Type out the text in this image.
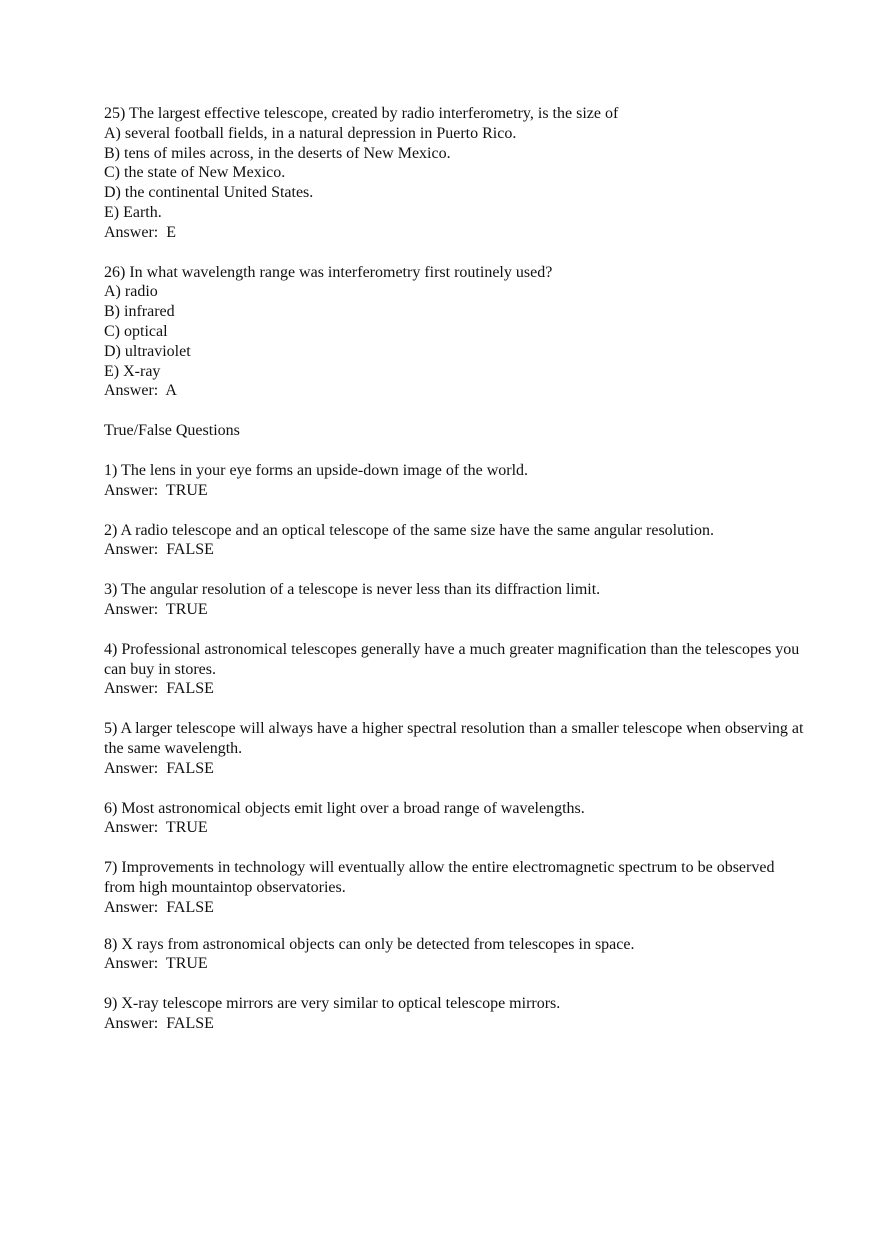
25) The largest effective telescope, created by radio interferometry, is the size of
A) several football fields, in a natural depression in Puerto Rico.
B) tens of miles across, in the deserts of New Mexico.
C) the state of New Mexico.
D) the continental United States.
E) Earth.
Answer:  E
26) In what wavelength range was interferometry first routinely used?
A) radio
B) infrared
C) optical
D) ultraviolet
E) X-ray
Answer:  A
True/False Questions
1) The lens in your eye forms an upside-down image of the world.
Answer:  TRUE
2) A radio telescope and an optical telescope of the same size have the same angular resolution.
Answer:  FALSE
3) The angular resolution of a telescope is never less than its diffraction limit.
Answer:  TRUE
4) Professional astronomical telescopes generally have a much greater magnification than the telescopes you can buy in stores.
Answer:  FALSE
5) A larger telescope will always have a higher spectral resolution than a smaller telescope when observing at the same wavelength.
Answer:  FALSE
6) Most astronomical objects emit light over a broad range of wavelengths.
Answer:  TRUE
7) Improvements in technology will eventually allow the entire electromagnetic spectrum to be observed from high mountaintop observatories.
Answer:  FALSE
8) X rays from astronomical objects can only be detected from telescopes in space.
Answer:  TRUE
9) X-ray telescope mirrors are very similar to optical telescope mirrors.
Answer:  FALSE
